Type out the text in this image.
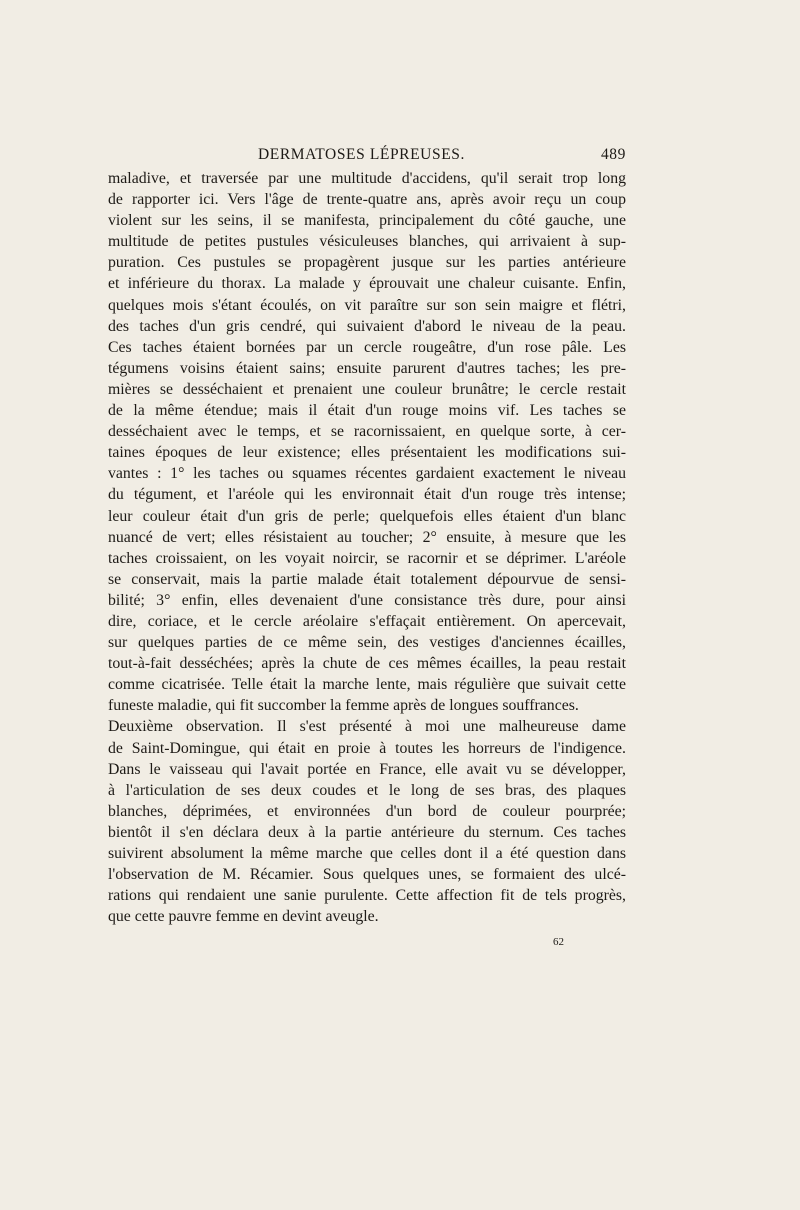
DERMATOSES LÉPREUSES.	489
maladive, et traversée par une multitude d'accidens, qu'il serait trop long
de rapporter ici. Vers l'âge de trente-quatre ans, après avoir reçu un coup
violent sur les seins, il se manifesta, principalement du côté gauche, une
multitude de petites pustules vésiculeuses blanches, qui arrivaient à sup-
puration. Ces pustules se propagèrent jusque sur les parties antérieure
et inférieure du thorax. La malade y éprouvait une chaleur cuisante. Enfin,
quelques mois s'étant écoulés, on vit paraître sur son sein maigre et flétri,
des taches d'un gris cendré, qui suivaient d'abord le niveau de la peau.
Ces taches étaient bornées par un cercle rougeâtre, d'un rose pâle. Les
tégumens voisins étaient sains; ensuite parurent d'autres taches; les pre-
mières se desséchaient et prenaient une couleur brunâtre; le cercle restait
de la même étendue; mais il était d'un rouge moins vif. Les taches se
desséchaient avec le temps, et se racornissaient, en quelque sorte, à cer-
taines époques de leur existence; elles présentaient les modifications sui-
vantes : 1° les taches ou squames récentes gardaient exactement le niveau
du tégument, et l'aréole qui les environnait était d'un rouge très intense;
leur couleur était d'un gris de perle; quelquefois elles étaient d'un blanc
nuancé de vert; elles résistaient au toucher; 2° ensuite, à mesure que les
taches croissaient, on les voyait noircir, se racornir et se déprimer. L'aréole
se conservait, mais la partie malade était totalement dépourvue de sensi-
bilité; 3° enfin, elles devenaient d'une consistance très dure, pour ainsi
dire, coriace, et le cercle aréolaire s'effaçait entièrement. On apercevait,
sur quelques parties de ce même sein, des vestiges d'anciennes écailles,
tout-à-fait desséchées; après la chute de ces mêmes écailles, la peau restait
comme cicatrisée. Telle était la marche lente, mais régulière que suivait cette
funeste maladie, qui fit succomber la femme après de longues souffrances.
Deuxième observation. Il s'est présenté à moi une malheureuse dame
de Saint-Domingue, qui était en proie à toutes les horreurs de l'indigence.
Dans le vaisseau qui l'avait portée en France, elle avait vu se développer,
à l'articulation de ses deux coudes et le long de ses bras, des plaques
blanches, déprimées, et environnées d'un bord de couleur pourprée;
bientôt il s'en déclara deux à la partie antérieure du sternum. Ces taches
suivirent absolument la même marche que celles dont il a été question dans
l'observation de M. Récamier. Sous quelques unes, se formaient des ulcé-
rations qui rendaient une sanie purulente. Cette affection fit de tels progrès,
que cette pauvre femme en devint aveugle.
62
